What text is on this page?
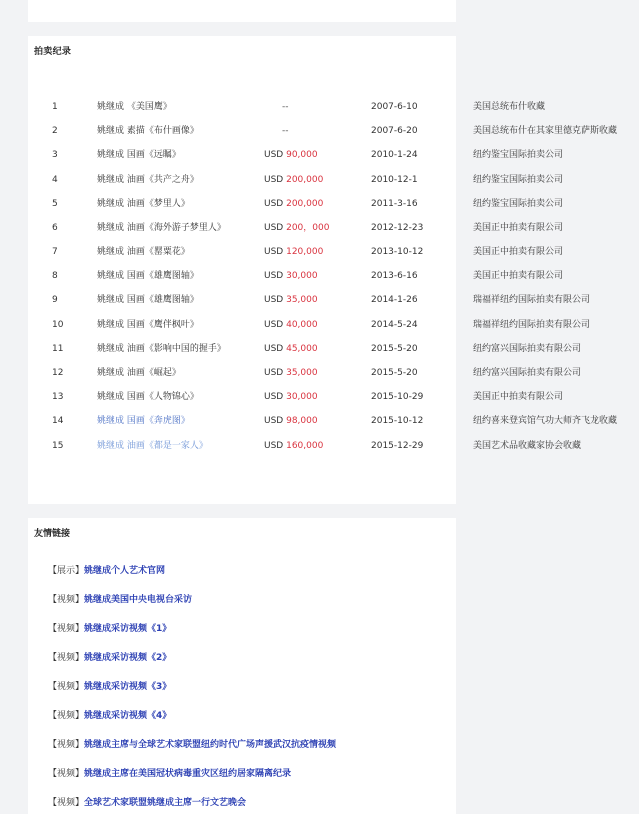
拍卖纪录
1	姚继成 《美国鹰》	--	2007-6-10	美国总统布什收藏
2	姚继成 素描《布什画像》	--	2007-6-20	美国总统布什在其家里德克萨斯收藏
3	姚继成 国画《远瞩》	USD 90,000	2010-1-24	纽约鉴宝国际拍卖公司
4	姚继成 油画《共产之舟》	USD 200,000	2010-12-1	纽约鉴宝国际拍卖公司
5	姚继成 油画《梦里人》	USD 200,000	2011-3-16	纽约鉴宝国际拍卖公司
6	姚继成 油画《海外游子梦里人》	USD 200，000	2012-12-23	美国正中拍卖有限公司
7	姚继成 油画《罂粟花》	USD 120,000	2013-10-12	美国正中拍卖有限公司
8	姚继成 国画《雄鹰图轴》	USD 30,000	2013-6-16	美国正中拍卖有限公司
9	姚继成 国画《雄鹰图轴》	USD 35,000	2014-1-26	瑞福祥纽约国际拍卖有限公司
10	姚继成 国画《鹰伴枫叶》	USD 40,000	2014-5-24	瑞福祥纽约国际拍卖有限公司
11	姚继成 油画《影响中国的握手》	USD 45,000	2015-5-20	纽约富兴国际拍卖有限公司
12	姚继成 油画《崛起》	USD 35,000	2015-5-20	纽约富兴国际拍卖有限公司
13	姚继成 国画《人物锦心》	USD 30,000	2015-10-29	美国正中拍卖有限公司
14	姚继成 国画《奔虎图》	USD 98,000	2015-10-12	纽约喜来登宾馆气功大师齐飞龙收藏
15	姚继成 油画《都是一家人》	USD 160,000	2015-12-29	美国艺术品收藏家协会收藏
友情链接
【展示】姚继成个人艺术官网
【视频】姚继成美国中央电视台采访
【视频】姚继成采访视频《1》
【视频】姚继成采访视频《2》
【视频】姚继成采访视频《3》
【视频】姚继成采访视频《4》
【视频】姚继成主席与全球艺术家联盟纽约时代广场声援武汉抗疫情视频
【视频】姚继成主席在美国冠状病毒重灾区纽约居家隔离纪录
【视频】全球艺术家联盟姚继成主席一行文艺晚会
